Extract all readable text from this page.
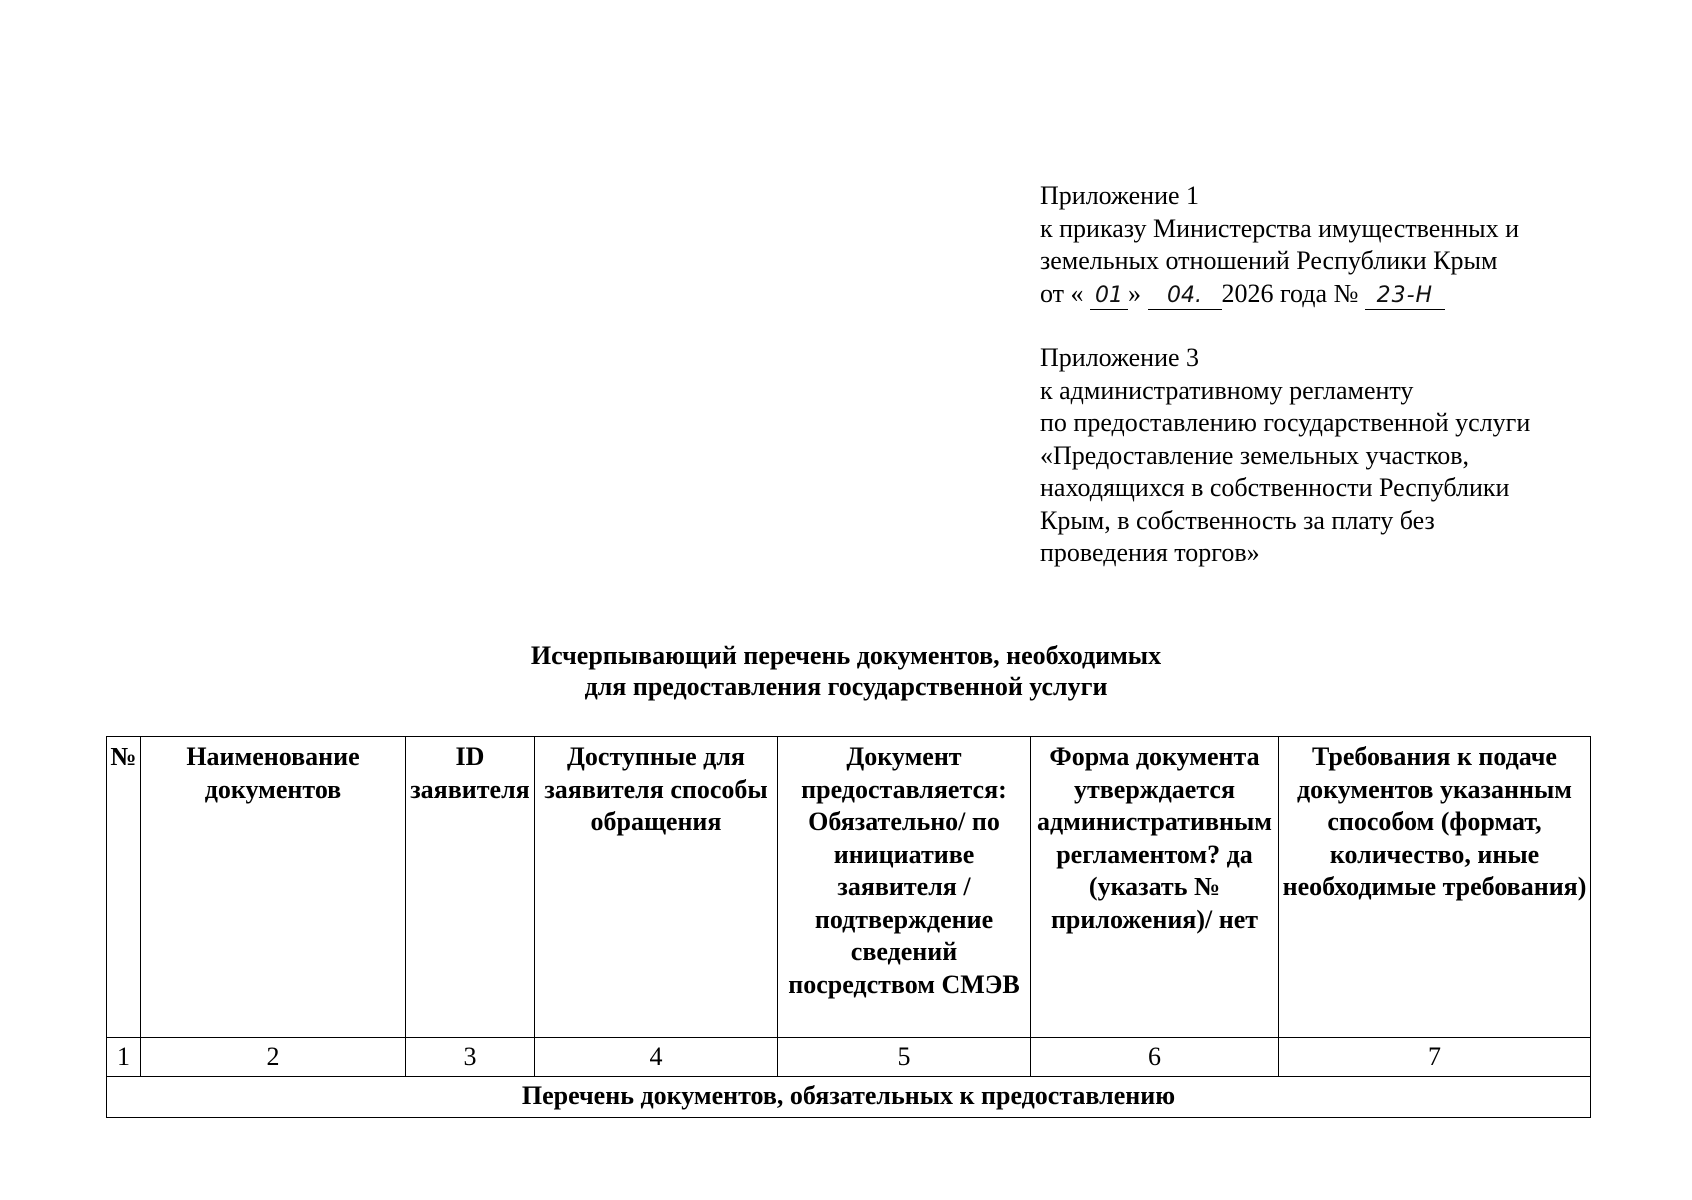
Приложение 1
к приказу Министерства имущественных и
земельных отношений Республики Крым
от « 01 » 04. 2026 года № 23-Н

Приложение 3
к административному регламенту
по предоставлению государственной услуги
«Предоставление земельных участков,
находящихся в собственности Республики
Крым, в собственность за плату без
проведения торгов»

Исчерпывающий перечень документов, необходимых
для предоставления государственной услуги
№	Наименование документов	ID заявителя	Доступные для заявителя способы обращения	Документ предоставляется: Обязательно/ по инициативе заявителя /подтверждение сведений посредством СМЭВ	Форма документа утверждается административным регламентом? да (указать № приложения)/ нет	Требования к подаче документов указанным способом (формат, количество, иные необходимые требования)
1	2	3	4	5	6	7
Перечень документов, обязательных к предоставлению						
